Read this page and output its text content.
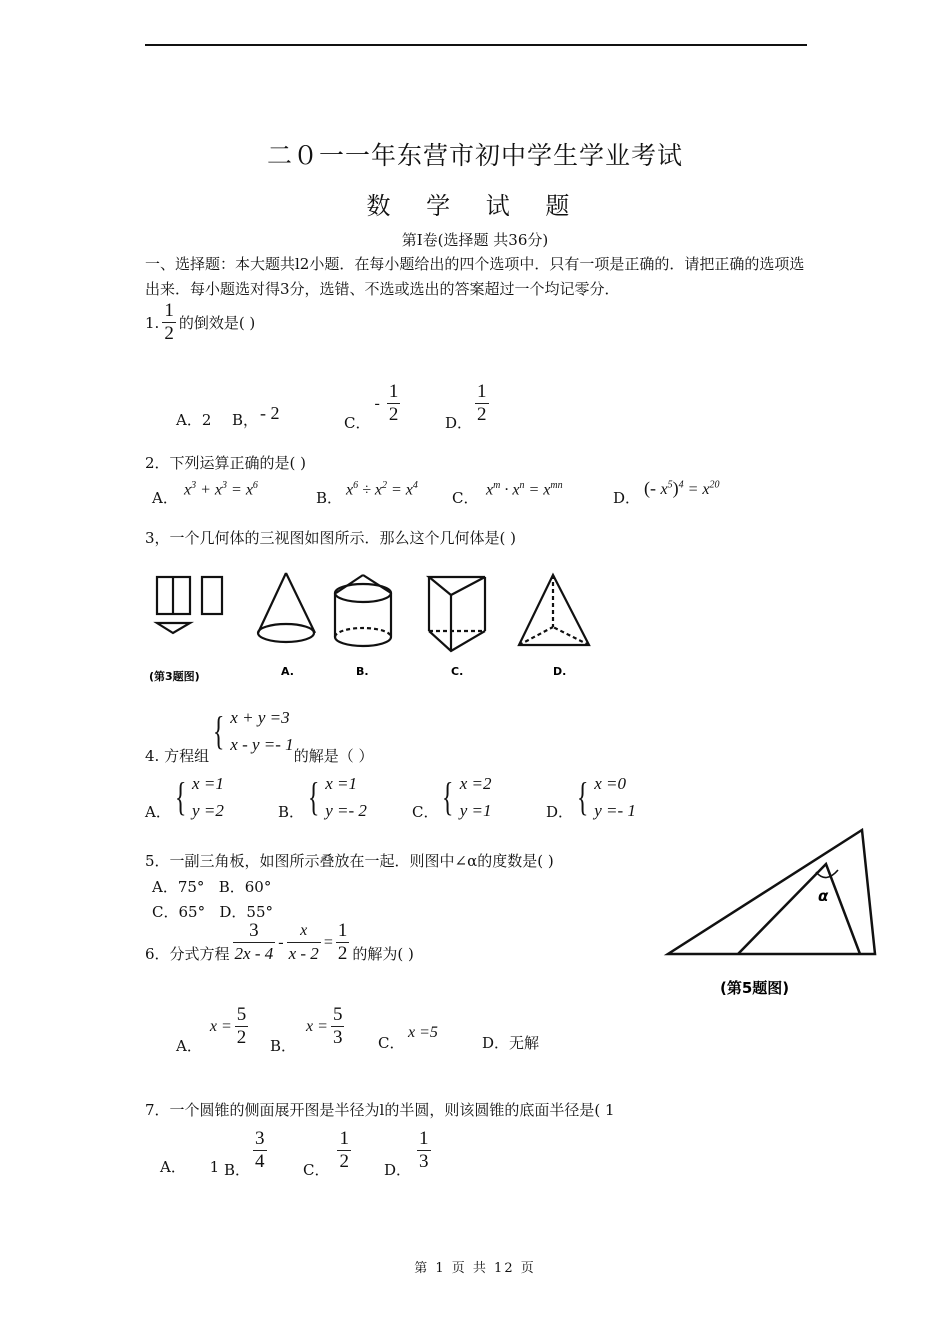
二０一一年东营市初中学生学业考试
数 学 试 题
第Ⅰ卷(选择题 共36分)
一、选择题：本大题共l2小题．在每小题给出的四个选项中．只有一项是正确的．请把正确的选项选出来．每小题选对得3分，选错、不选或选出的答案超过一个均记零分．
1. $\frac{1}{2}$ 的倒效是( )
A．2 B， - 2	C．
- $\frac{1}{2}$	D． $\frac{1}{2}$
2．下列运算正确的是( )
A． $x^3 + x^3 = x^6$
B． $x^6 \div x^2 = x^4$
C． $x^m \cdot x^n = x^{mn}$
D． (- $x^5)^4 = x^{20}$
3，一个几何体的三视图如图所示．那么这个几何体是( )
(第3题图)	A.	B.	C.	D.
4. 方程组
{ x + y =3
x - y =- 1
的解是（ ）
A． { x =1
y =2	B． { x =1
y =- 2	C． { x =2
y =1	D． { x =0
y =- 1
5．一副三角板，如图所示叠放在一起．则图中∠α的度数是( )
A．75°   B．60°
C．65°   D．55°
α
(第5题图)
6．分式方程 $\frac{3}{2x - 4} - \frac{x}{x - 2} = \frac{1}{2}$ 的解为( )
A．
$x = \frac{5}{2}$ B．
$x = \frac{5}{3}$ C．
x =5
D．无解
7．一个圆锥的侧面展开图是半径为l的半圆，则该圆锥的底面半径是( 1
A．     1 B． $\frac{3}{4}$ C． $\frac{1}{2}$ D． $\frac{1}{3}$
第 1 页 共 12 页
